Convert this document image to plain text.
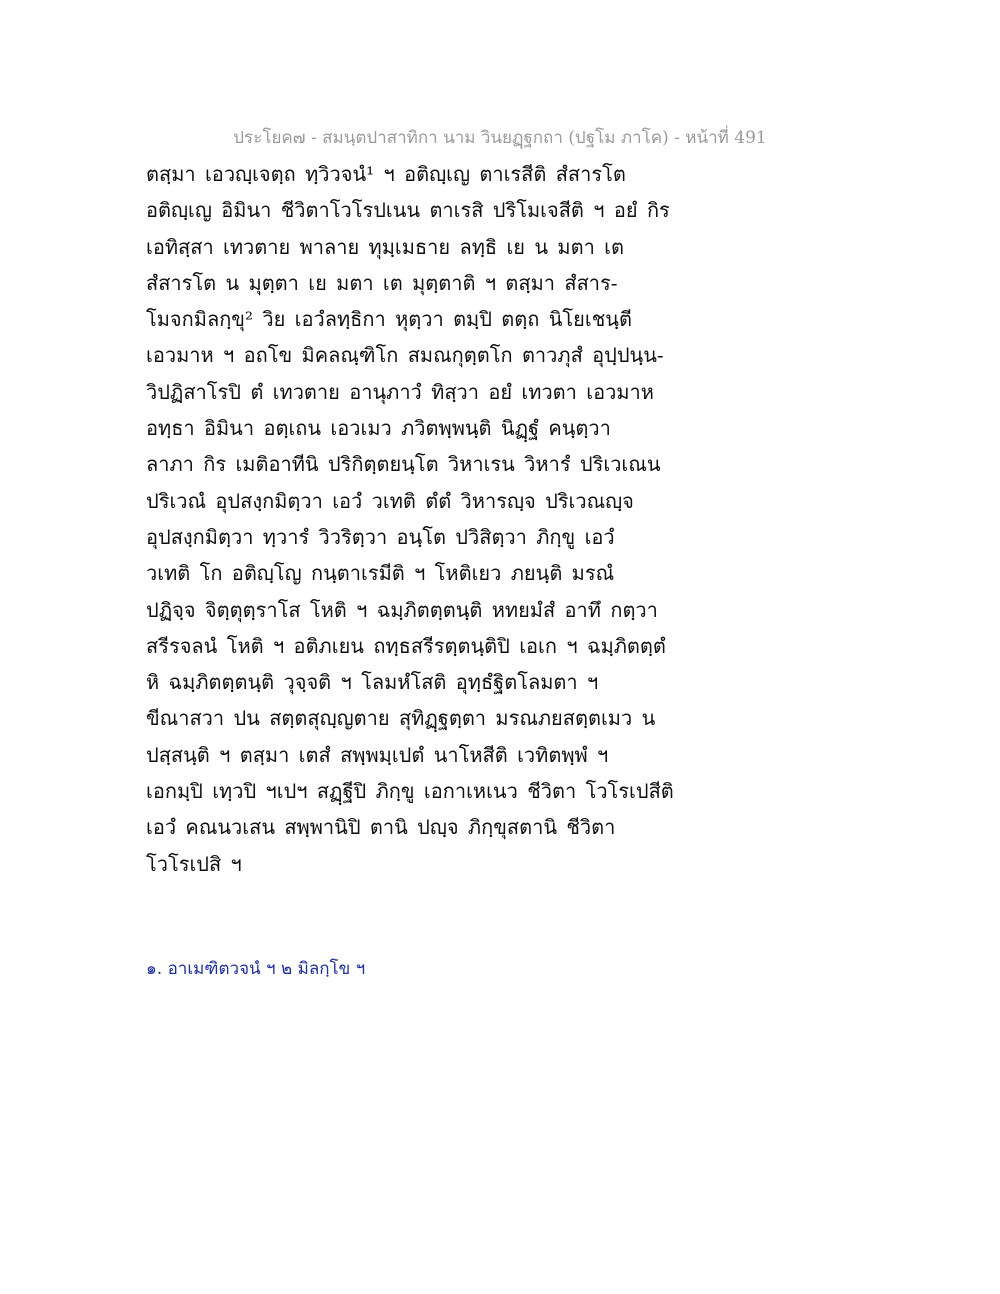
ประโยค๗ - สมนฺตปาสาทิกา นาม วินยฏฺฐกถา (ปฐโม ภาโค) - หน้าที่ 491
ตสฺมา เอวญฺเจตฺถ ทฺวิวจนํ¹ ฯ อติญฺเญ ตาเรสีติ สํสารโต
อติญฺเญ อิมินา ชีวิตาโวโรปเนน ตาเรสิ ปริโมเจสีติ ฯ อยํ กิร
เอทิสฺสา เทวตาย พาลาย ทุมฺเมธาย ลทฺธิ เย น มตา เต
สํสารโต น มุตฺตา เย มตา เต มุตฺตาติ ฯ ตสฺมา สํสาร-
โมจกมิลกฺขุ² วิย เอวํลทฺธิกา หุตฺวา ตมฺปิ ตตฺถ นิโยเชนฺตี
เอวมาห ฯ อถโข มิคลณฺฑิโก สมณกุตฺตโก ตาวภุสํ อุปฺปนฺน-
วิปฏิสาโรปิ ตํ เทวตาย อานุภาวํ ทิสฺวา อยํ เทวตา เอวมาห
อทฺธา อิมินา อตฺเถน เอวเมว ภวิตพฺพนฺติ นิฏฺฐํ คนฺตฺวา
ลาภา กิร เมติอาทีนิ ปริกิตฺตยนฺโต วิหาเรน วิหารํ ปริเวเณน
ปริเวณํ อุปสงฺกมิตฺวา เอวํ วเทติ ตํตํ วิหารญฺจ ปริเวณญฺจ
อุปสงฺกมิตฺวา ทฺวารํ วิวริตฺวา อนฺโต ปวิสิตฺวา ภิกฺขู เอวํ
วเทติ โก อติญฺโญ กนฺตาเรมีติ ฯ โหติเยว ภยนฺติ มรณํ
ปฏิจฺจ จิตฺตุตฺราโส โหติ ฯ ฉมฺภิตตฺตนฺติ หทยมํสํ อาทึ กตฺวา
สรีรจลนํ โหติ ฯ อติภเยน ถทฺธสรีรตฺตนฺติปิ เอเก ฯ ฉมฺภิตตฺตํ
หิ ฉมฺภิตตฺตนฺติ วุจฺจติ ฯ โลมหํโสติ อุทฺธํฐิตโลมตา ฯ
ขีณาสวา ปน สตฺตสุญฺญตาย สุทิฏฺฐตฺตา มรณภยสตฺตเมว น
ปสฺสนฺติ ฯ ตสฺมา เตสํ สพฺพมฺเปตํ นาโหสีติ เวทิตพฺพํ ฯ
เอกมฺปิ เทฺวปิ ฯเปฯ สฏฺฐีปิ ภิกฺขู เอกาเหเนว ชีวิตา โวโรเปสีติ
เอวํ คณนวเสน สพฺพานิปิ ตานิ ปญฺจ ภิกฺขุสตานิ ชีวิตา
โวโรเปสิ ฯ
๑. อาเมฑิตวจนํ ฯ ๒ มิลกฺโข ฯ
